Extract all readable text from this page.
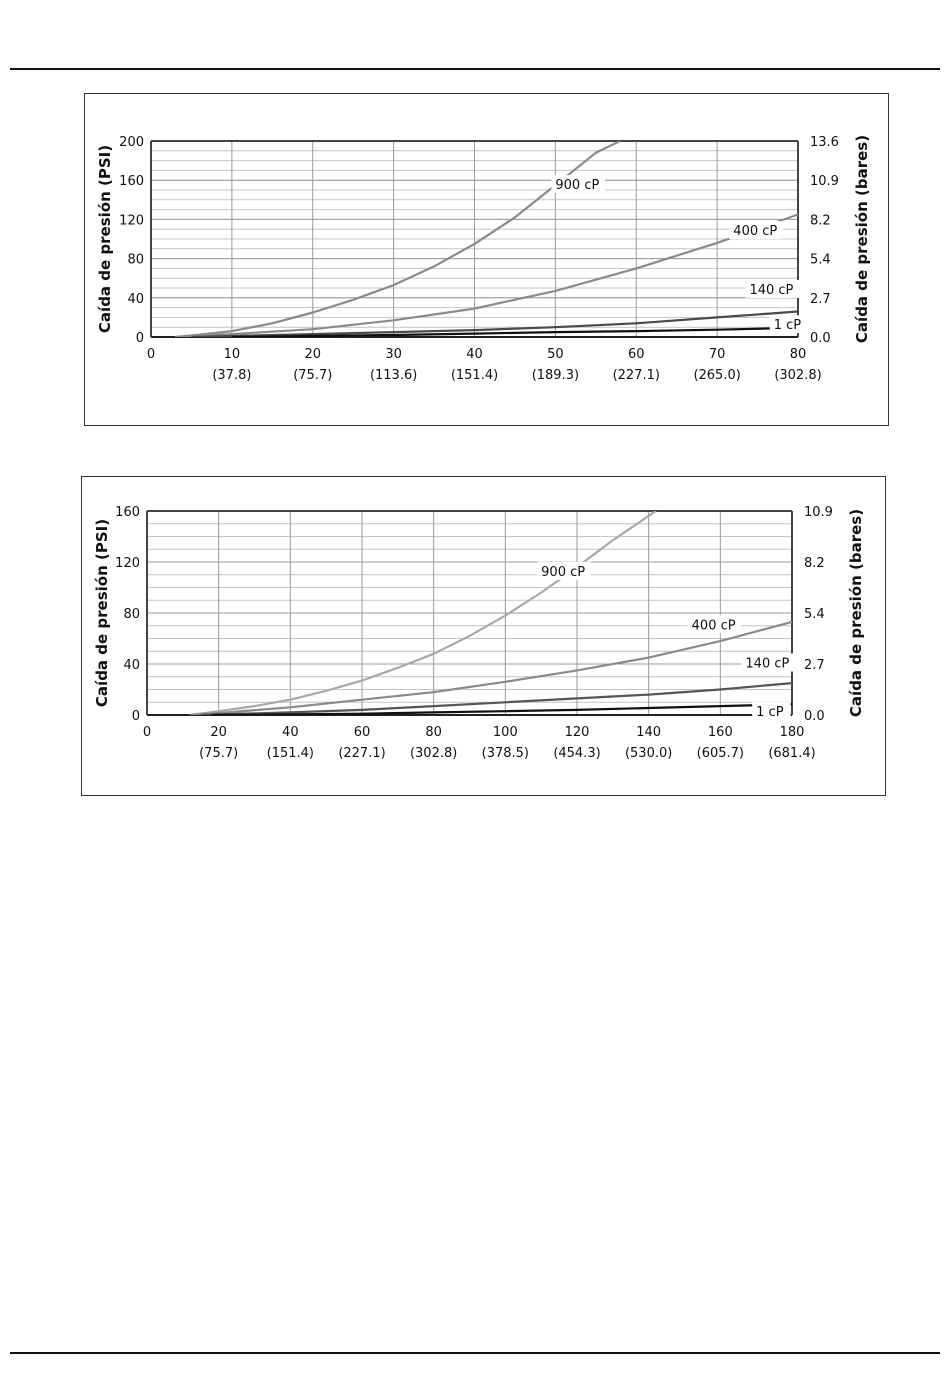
0
40
80
120
160
200
0.0
2.7
5.4
8.2
10.9
13.6
0	10
(37.8)
20
(75.7)
30
(113.6)
40
(151.4)
50
(189.3)
60
(227.1)
70
(265.0)
80
(302.8)
Caída de presión (PSI)	Caída de presión (bares)
900 cP
400 cP
140 cP
1 cP
0
40
80
120
160
0.0
2.7
5.4
8.2
10.9
0	20
(75.7)
40
(151.4)
60
(227.1)
80
(302.8)
100
(378.5)
120
(454.3)
140
(530.0)
160
(605.7)
180
(681.4)
Caída de presión (PSI)	Caída de presión (bares)
900 cP
400 cP
140 cP
1 cP
